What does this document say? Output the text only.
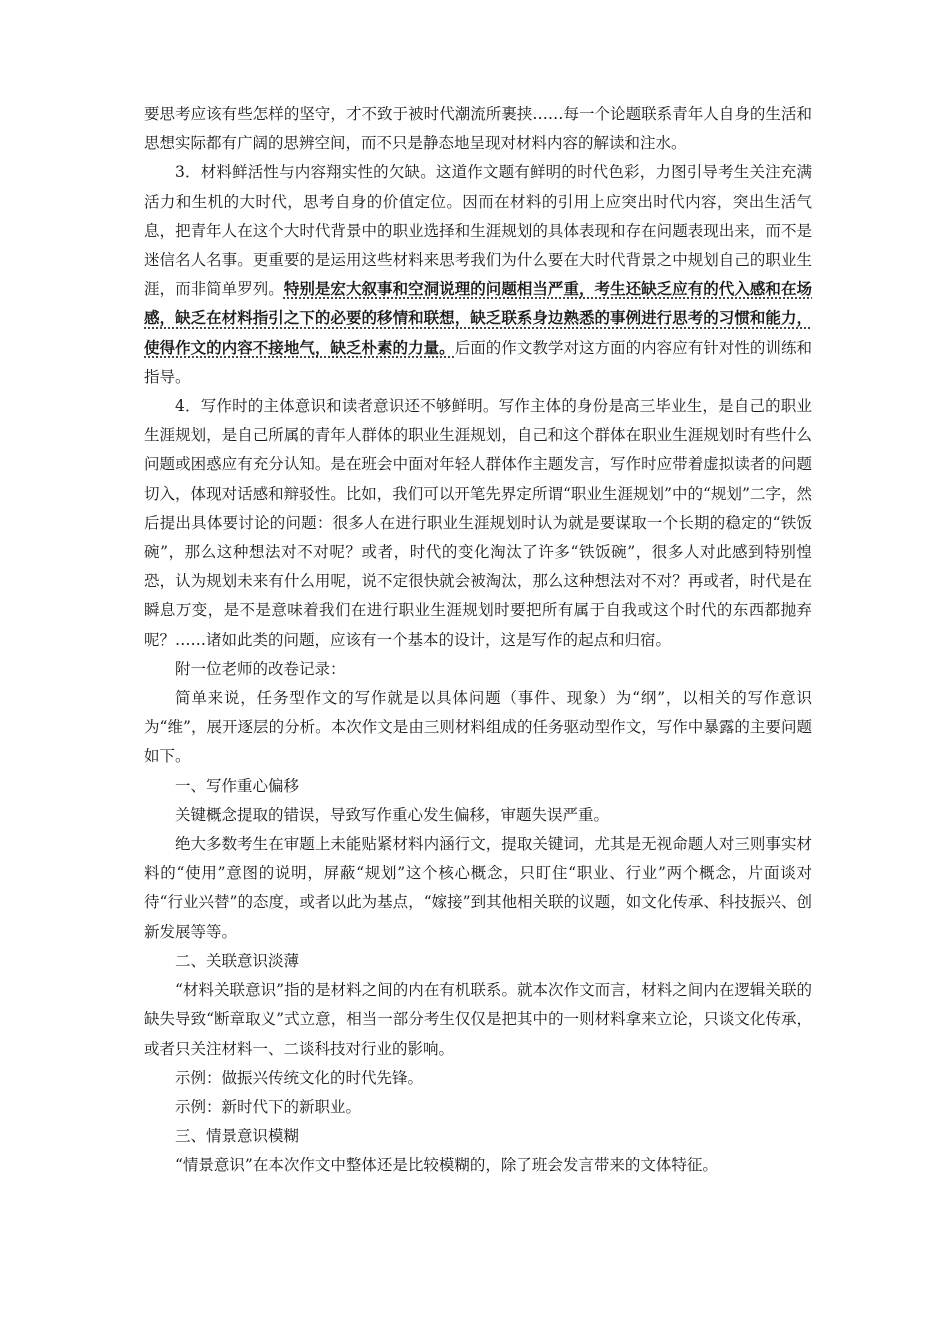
要思考应该有些怎样的坚守，才不致于被时代潮流所裹挟……每一个论题联系青年人自身的生活和思想实际都有广阔的思辨空间，而不只是静态地呈现对材料内容的解读和注水。

3．材料鲜活性与内容翔实性的欠缺。这道作文题有鲜明的时代色彩，力图引导考生关注充满活力和生机的大时代，思考自身的价值定位。因而在材料的引用上应突出时代内容，突出生活气息，把青年人在这个大时代背景中的职业选择和生涯规划的具体表现和存在问题表现出来，而不是迷信名人名事。更重要的是运用这些材料来思考我们为什么要在大时代背景之中规划自己的职业生涯，而非简单罗列。特别是宏大叙事和空洞说理的问题相当严重，考生还缺乏应有的代入感和在场感，缺乏在材料指引之下的必要的移情和联想，缺乏联系身边熟悉的事例进行思考的习惯和能力，使得作文的内容不接地气，缺乏朴素的力量。后面的作文教学对这方面的内容应有针对性的训练和指导。

4．写作时的主体意识和读者意识还不够鲜明。写作主体的身份是高三毕业生，是自己的职业生涯规划，是自己所属的青年人群体的职业生涯规划，自己和这个群体在职业生涯规划时有些什么问题或困惑应有充分认知。是在班会中面对年轻人群体作主题发言，写作时应带着虚拟读者的问题切入，体现对话感和辩驳性。比如，我们可以开笔先界定所谓“职业生涯规划”中的“规划”二字，然后提出具体要讨论的问题：很多人在进行职业生涯规划时认为就是要谋取一个长期的稳定的“铁饭碗”，那么这种想法对不对呢？或者，时代的变化淘汰了许多“铁饭碗”，很多人对此感到特别惶恐，认为规划未来有什么用呢，说不定很快就会被淘汰，那么这种想法对不对？再或者，时代是在瞬息万变，是不是意味着我们在进行职业生涯规划时要把所有属于自我或这个时代的东西都抛弃呢？……诸如此类的问题，应该有一个基本的设计，这是写作的起点和归宿。

附一位老师的改卷记录：

简单来说，任务型作文的写作就是以具体问题（事件、现象）为“纲”，以相关的写作意识为“维”，展开逐层的分析。本次作文是由三则材料组成的任务驱动型作文，写作中暴露的主要问题如下。

一、写作重心偏移

关键概念提取的错误，导致写作重心发生偏移，审题失误严重。

绝大多数考生在审题上未能贴紧材料内涵行文，提取关键词，尤其是无视命题人对三则事实材料的“使用”意图的说明，屏蔽“规划”这个核心概念，只盯住“职业、行业”两个概念，片面谈对待“行业兴替”的态度，或者以此为基点，“嫁接”到其他相关联的议题，如文化传承、科技振兴、创新发展等等。

二、关联意识淡薄

“材料关联意识”指的是材料之间的内在有机联系。就本次作文而言，材料之间内在逻辑关联的缺失导致“断章取义”式立意，相当一部分考生仅仅是把其中的一则材料拿来立论，只谈文化传承，或者只关注材料一、二谈科技对行业的影响。

示例：做振兴传统文化的时代先锋。

示例：新时代下的新职业。

三、情景意识模糊

“情景意识”在本次作文中整体还是比较模糊的，除了班会发言带来的文体特征。
